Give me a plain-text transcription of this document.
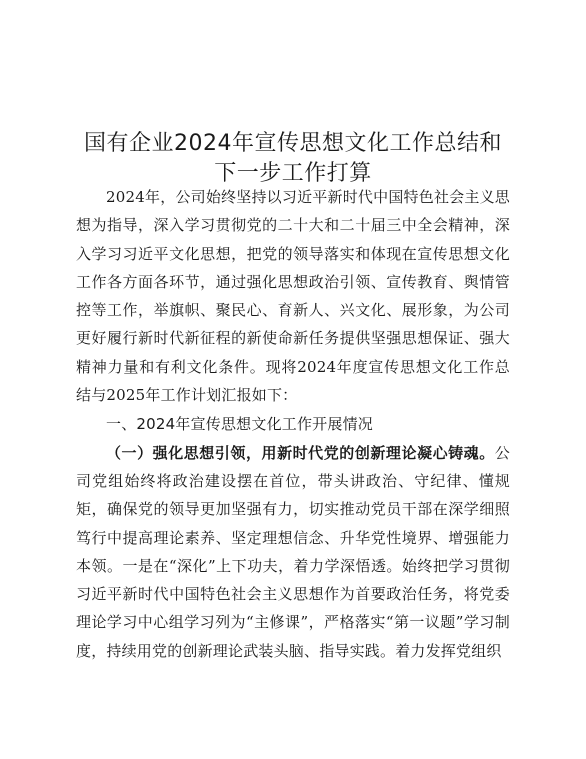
国有企业2024年宣传思想文化工作总结和下一步工作打算

2024年，公司始终坚持以习近平新时代中国特色社会主义思想为指导，深入学习贯彻党的二十大和二十届三中全会精神，深入学习习近平文化思想，把党的领导落实和体现在宣传思想文化工作各方面各环节，通过强化思想政治引领、宣传教育、舆情管控等工作，举旗帜、聚民心、育新人、兴文化、展形象，为公司更好履行新时代新征程的新使命新任务提供坚强思想保证、强大精神力量和有利文化条件。现将2024年度宣传思想文化工作总结与2025年工作计划汇报如下：

一、2024年宣传思想文化工作开展情况

（一）强化思想引领，用新时代党的创新理论凝心铸魂。公司党组始终将政治建设摆在首位，带头讲政治、守纪律、懂规矩，确保党的领导更加坚强有力，切实推动党员干部在深学细照笃行中提高理论素养、坚定理想信念、升华党性境界、增强能力本领。一是在“深化”上下功夫，着力学深悟透。始终把学习贯彻习近平新时代中国特色社会主义思想作为首要政治任务，将党委理论学习中心组学习列为“主修课”，严格落实“第一议题”学习制度，持续用党的创新理论武装头脑、指导实践。着力发挥党组织
